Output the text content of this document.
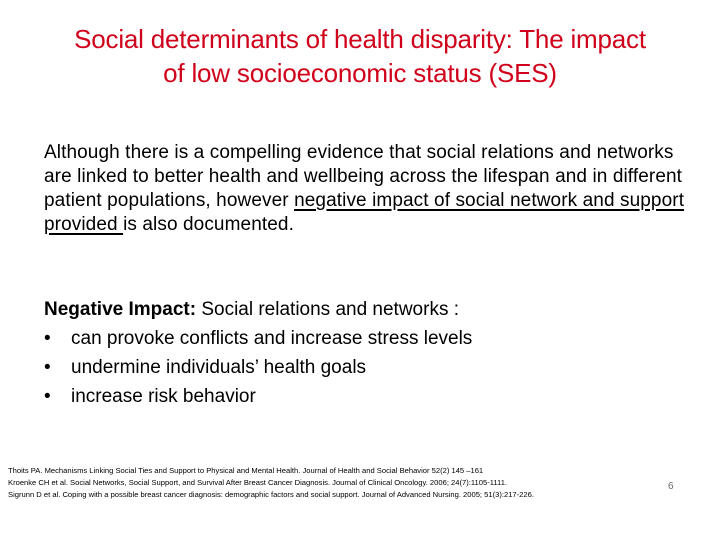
Social determinants of health disparity: The impact
of low socioeconomic status (SES)
Although there is a compelling evidence that social relations and networks are linked to better health and wellbeing across the lifespan and in different patient populations, however negative impact of social network and support provided is also documented.
Negative Impact: Social relations and networks :
• can provoke conflicts and increase stress levels
• undermine individuals’ health goals
• increase risk behavior
Thoits PA. Mechanisms Linking Social Ties and Support to Physical and Mental Health. Journal of Health and Social Behavior 52(2) 145 –161
Kroenke CH et al. Social Networks, Social Support, and Survival After Breast Cancer Diagnosis. Journal of Clinical Oncology. 2006; 24(7):1105-1111.
Sigrunn D et al. Coping with a possible breast cancer diagnosis: demographic factors and social support. Journal of Advanced Nursing. 2005; 51(3):217-226.
6
